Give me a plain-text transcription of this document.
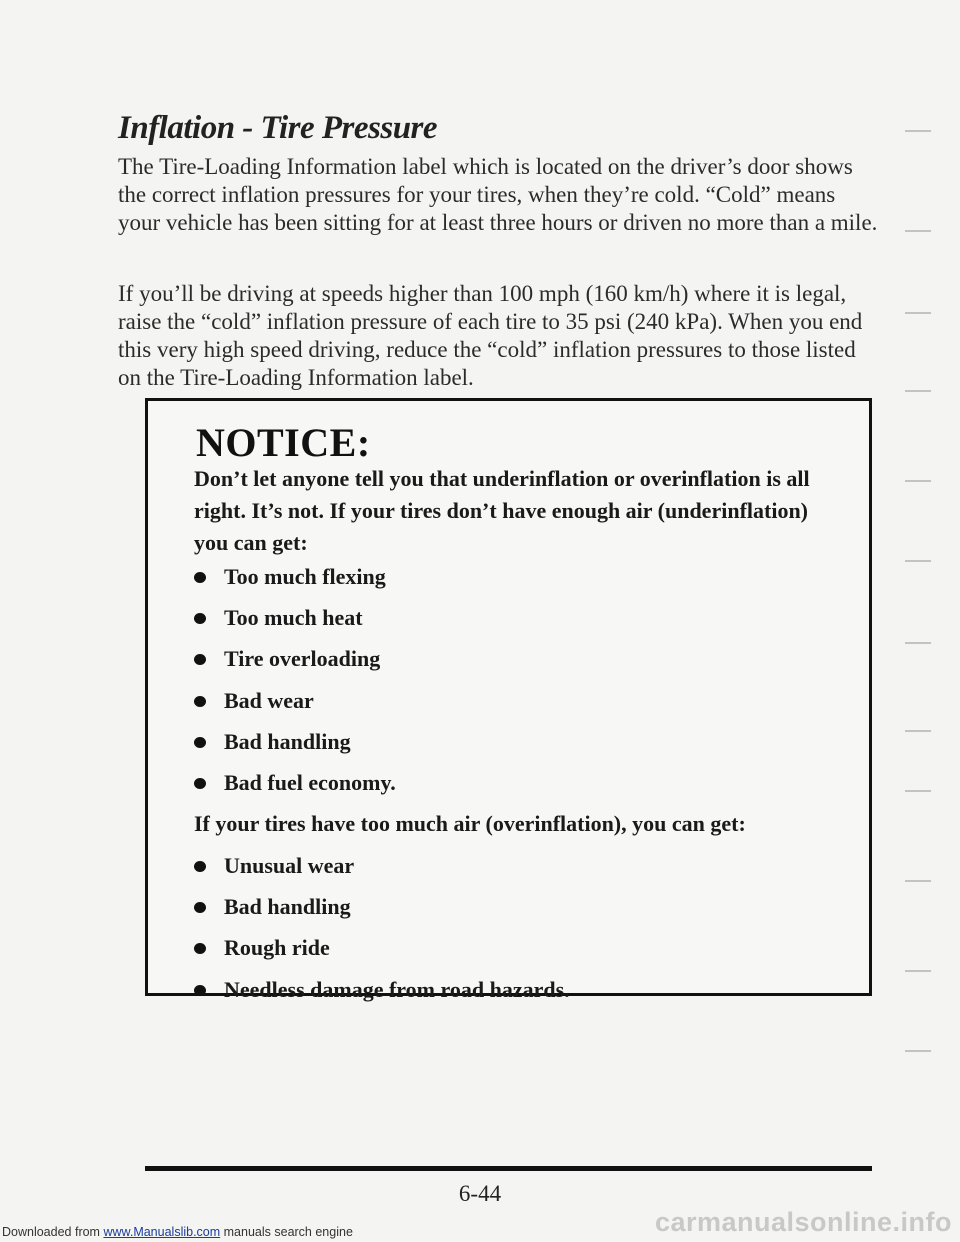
Inflation - Tire Pressure
The Tire-Loading Information label which is located on the driver’s door shows the correct inflation pressures for your tires, when they’re cold. “Cold” means your vehicle has been sitting for at least three hours or driven no more than a mile.
If you’ll be driving at speeds higher than 100 mph (160 km/h) where it is legal, raise the “cold” inflation pressure of each tire to 35 psi (240 kPa). When you end this very high speed driving, reduce the “cold” inflation pressures to those listed on the Tire-Loading Information label.
NOTICE:
Don’t let anyone tell you that underinflation or overinflation is all right. It’s not. If your tires don’t have enough air (underinflation) you can get:
Too much flexing
Too much heat
Tire overloading
Bad wear
Bad handling
Bad fuel economy.
If your tires have too much air (overinflation), you can get:
Unusual wear
Bad handling
Rough ride
Needless damage from road hazards.
6-44
Downloaded from www.Manualslib.com manuals search engine	carmanualsonline.info
